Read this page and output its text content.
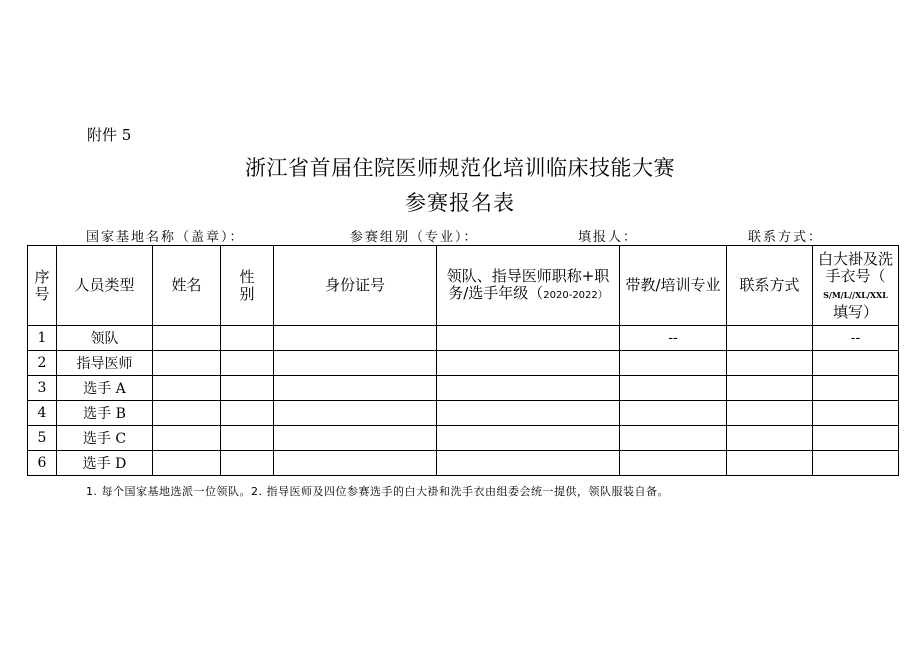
附件 5
浙江省首届住院医师规范化培训临床技能大赛
参赛报名表
国家基地名称（盖章）：	参赛组别（专业）：	填报人：	联系方式：
序号	人员类型	姓名	性别	身份证号	领队、指导医师职称+职务/选手年级（2020-2022）	带教/培训专业	联系方式	白大褂及洗手衣号（
S/M/L//XL/XXL
填写）
1	领队					--		--
2	指导医师							
3	选手 A							
4	选手 B							
5	选手 C							
6	选手 D							
1. 每个国家基地选派一位领队。2. 指导医师及四位参赛选手的白大褂和洗手衣由组委会统一提供，领队服装自备。
